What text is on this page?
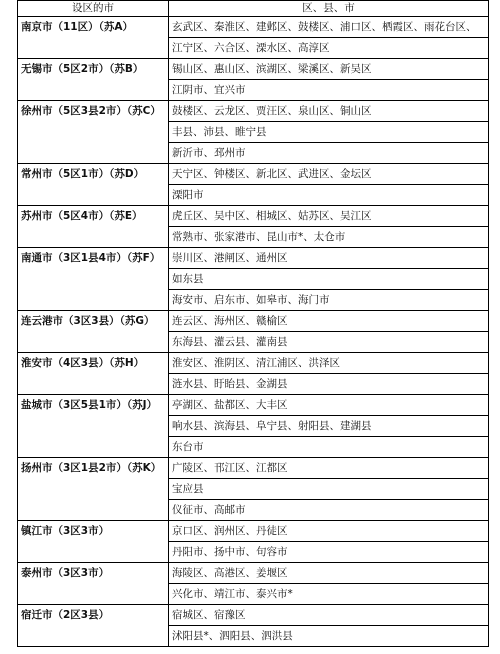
设区的市	区、县、市
南京市（11区）（苏A）	玄武区、秦淮区、建邺区、鼓楼区、浦口区、栖霞区、雨花台区、
	江宁区、六合区、溧水区、高淳区
无锡市（5区2市）（苏B）	锡山区、惠山区、滨湖区、梁溪区、新吴区
	江阴市、宜兴市
徐州市（5区3县2市）（苏C）	鼓楼区、云龙区、贾汪区、泉山区、铜山区
	丰县、沛县、睢宁县
	新沂市、邳州市
常州市（5区1市）（苏D）	天宁区、钟楼区、新北区、武进区、金坛区
	溧阳市
苏州市（5区4市）（苏E）	虎丘区、吴中区、相城区、姑苏区、吴江区
	常熟市、张家港市、昆山市*、太仓市
南通市（3区1县4市）（苏F）	崇川区、港闸区、通州区
	如东县
	海安市、启东市、如皋市、海门市
连云港市（3区3县）（苏G）	连云区、海州区、赣榆区
	东海县、灌云县、灌南县
淮安市（4区3县）（苏H）	淮安区、淮阴区、清江浦区、洪泽区
	涟水县、盱眙县、金湖县
盐城市（3区5县1市）（苏J）	亭湖区、盐都区、大丰区
	响水县、滨海县、阜宁县、射阳县、建湖县
	东台市
扬州市（3区1县2市）（苏K）	广陵区、邗江区、江都区
	宝应县
	仪征市、高邮市
镇江市（3区3市）	京口区、润州区、丹徒区
	丹阳市、扬中市、句容市
泰州市（3区3市）	海陵区、高港区、姜堰区
	兴化市、靖江市、泰兴市*
宿迁市（2区3县）	宿城区、宿豫区
	沭阳县*、泗阳县、泗洪县
